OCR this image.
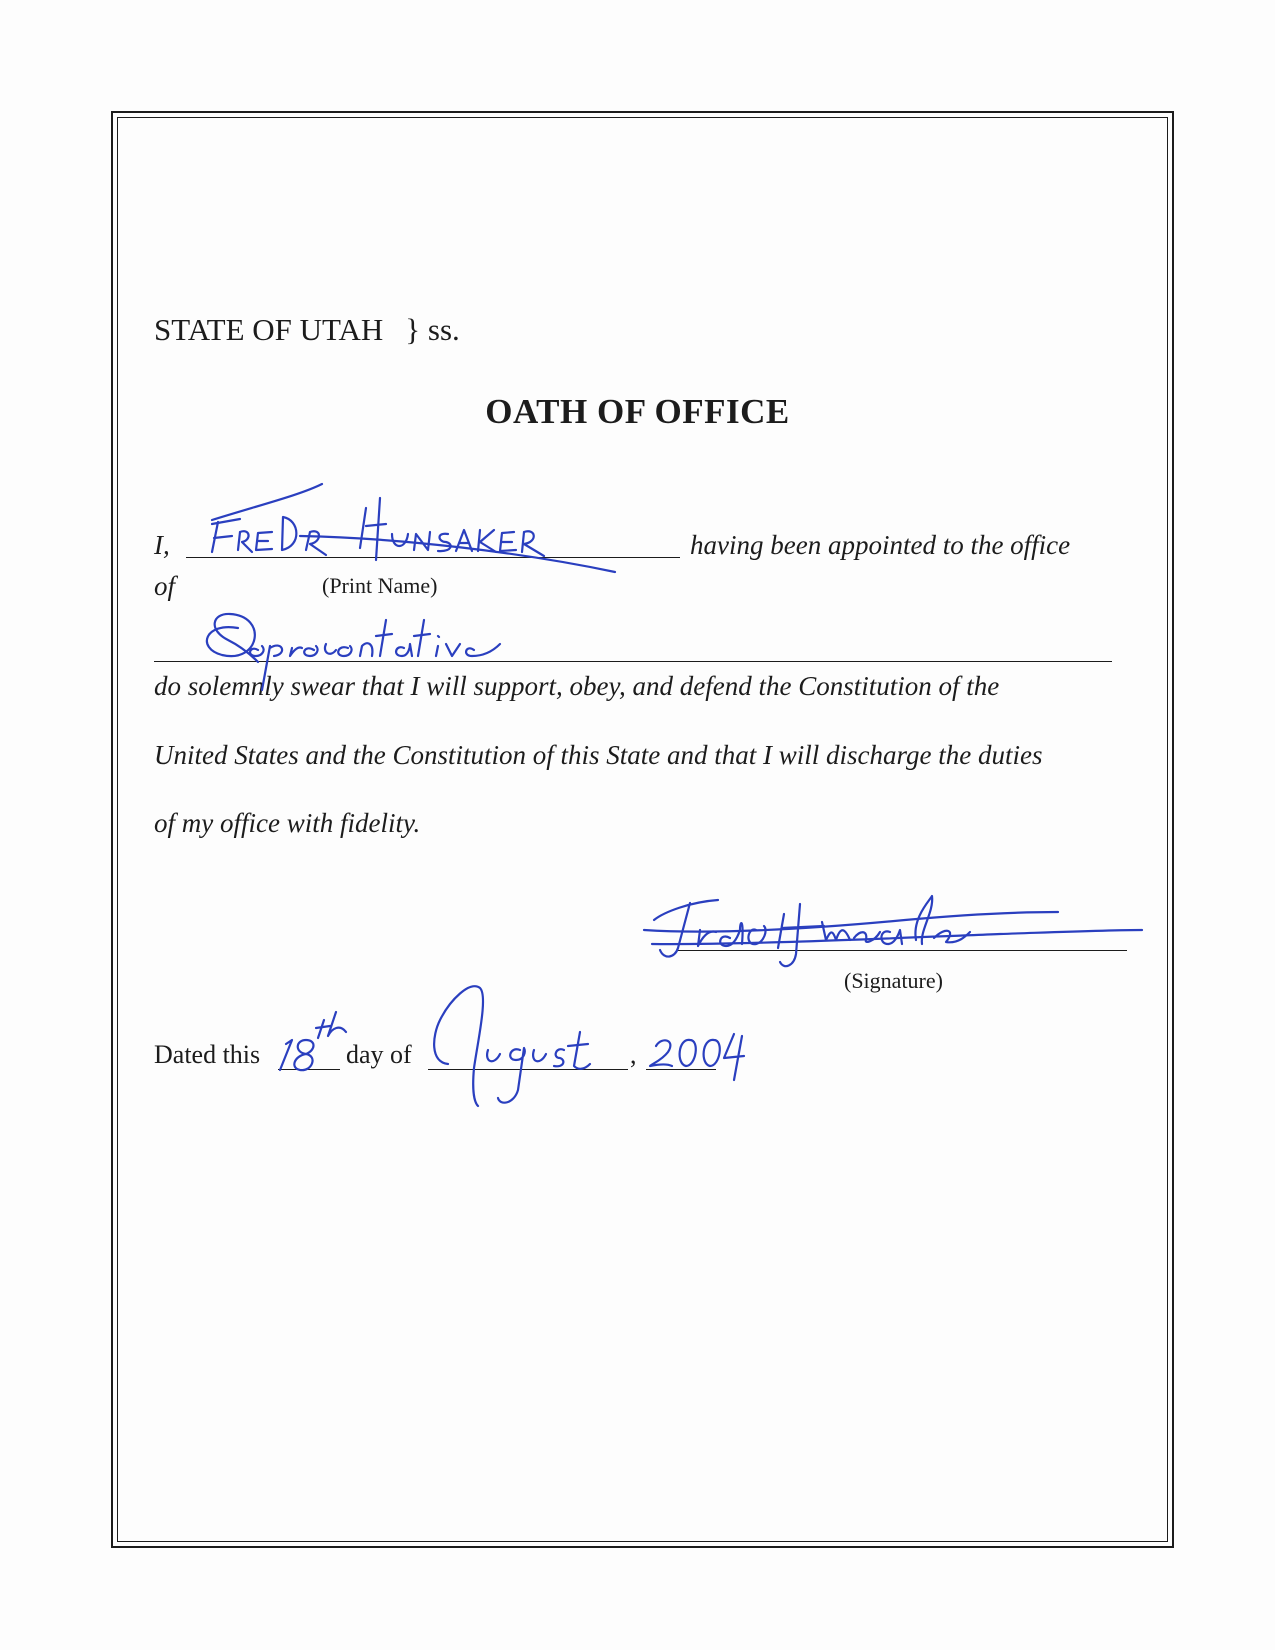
STATE OF UTAH } ss.
OATH OF OFFICE
I,	having been appointed to the office
of	(Print Name)
do solemnly swear that I will support, obey, and defend the Constitution of the
United States and the Constitution of this State and that I will discharge the duties
of my office with fidelity.
(Signature)
Dated this	day of	,
